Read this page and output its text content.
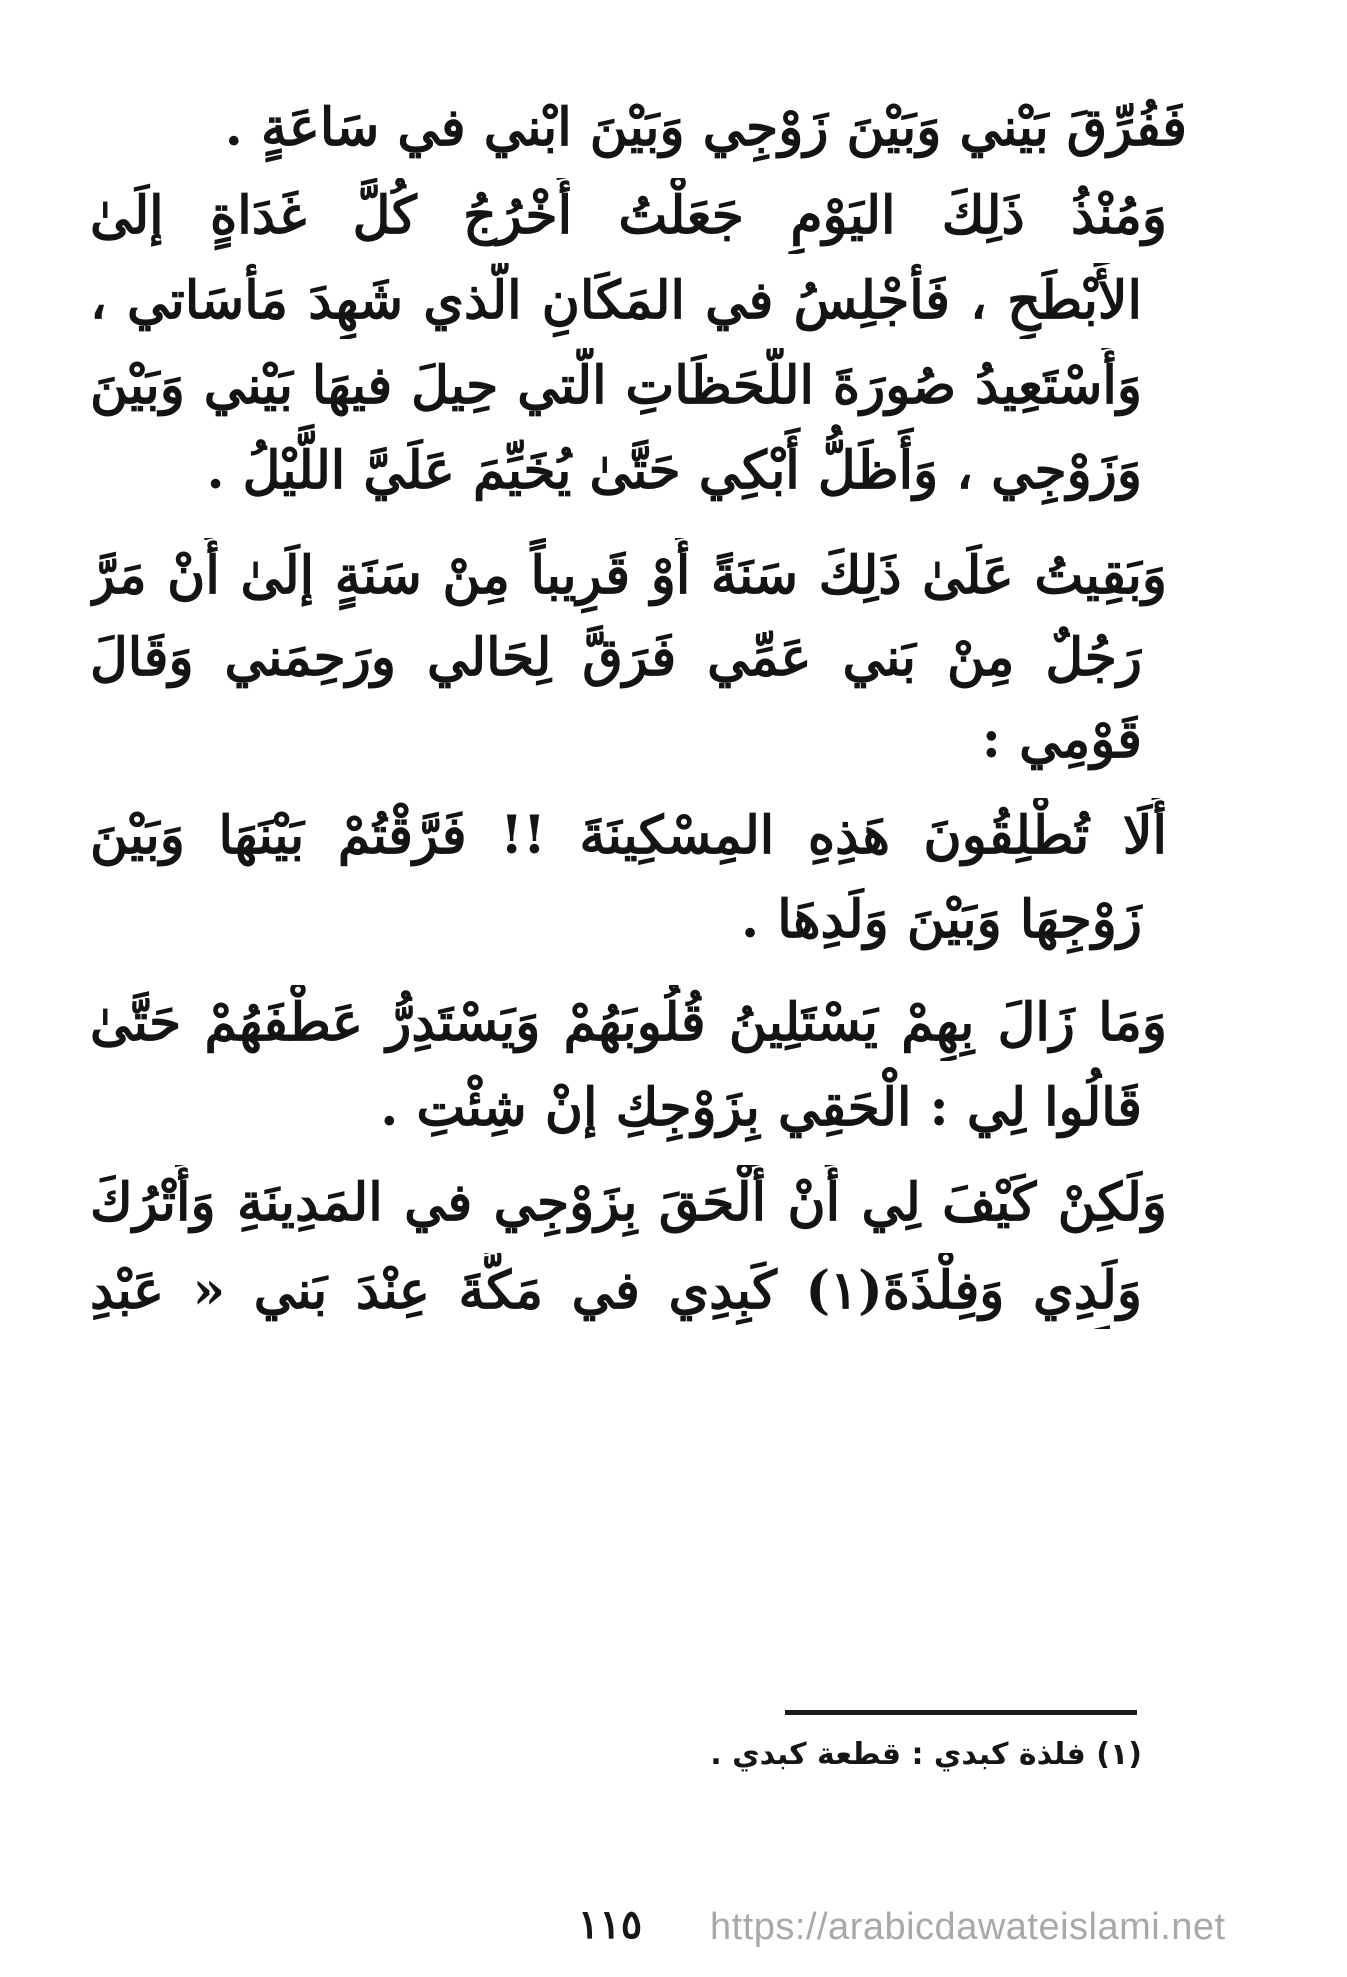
فَفُرِّقَ بَيْني وَبَيْنَ زَوْجِي وَبَيْنَ ابْني في سَاعَةٍ .
وَمُنْذُ ذَلِكَ اليَوْمِ جَعَلْتُ أَخْرُجُ كُلَّ غَدَاةٍ إلَىٰ
الأَبْطَحِ ، فَأَجْلِسُ في المَكَانِ الَّذي شَهِدَ مَأْسَاتي ،
وَأَسْتَعِيدُ صُورَةَ اللَّحَظَاتِ الَّتي حِيلَ فيهَا بَيْني وَبَيْنَ
وَزَوْجِي ، وَأَظَلُّ أَبْكِي حَتَّىٰ يُخَيِّمَ عَلَيَّ اللَّيْلُ .
وَبَقِيتُ عَلَىٰ ذَلِكَ سَنَةً أَوْ قَرِيباً مِنْ سَنَةٍ إلَىٰ أَنْ مَرَّ
رَجُلٌ مِنْ بَني عَمِّي فَرَقَّ لِحَالي ورَحِمَني وَقَالَ
قَوْمِي :
أَلَا تُطْلِقُونَ هَذِهِ المِسْكِينَةَ !! فَرَّقْتُمْ بَيْنَهَا وَبَيْنَ
زَوْجِهَا وَبَيْنَ وَلَدِهَا .
وَمَا زَالَ بِهِمْ يَسْتَلِينُ قُلُوبَهُمْ وَيَسْتَدِرُّ عَطْفَهُمْ حَتَّىٰ
قَالُوا لِي : الْحَقِي بِزَوْجِكِ إنْ شِئْتِ .
وَلَكِنْ كَيْفَ لِي أَنْ أَلْحَقَ بِزَوْجِي في المَدِينَةِ وَأَتْرُكَ
وَلَدِي وَفِلْذَةَ(١) كَبِدِي في مَكَّةَ عِنْدَ بَني « عَبْدِ
(١) فلذة كبدي : قطعة كبدي .
١١٥	https://arabicdawateislami.net
